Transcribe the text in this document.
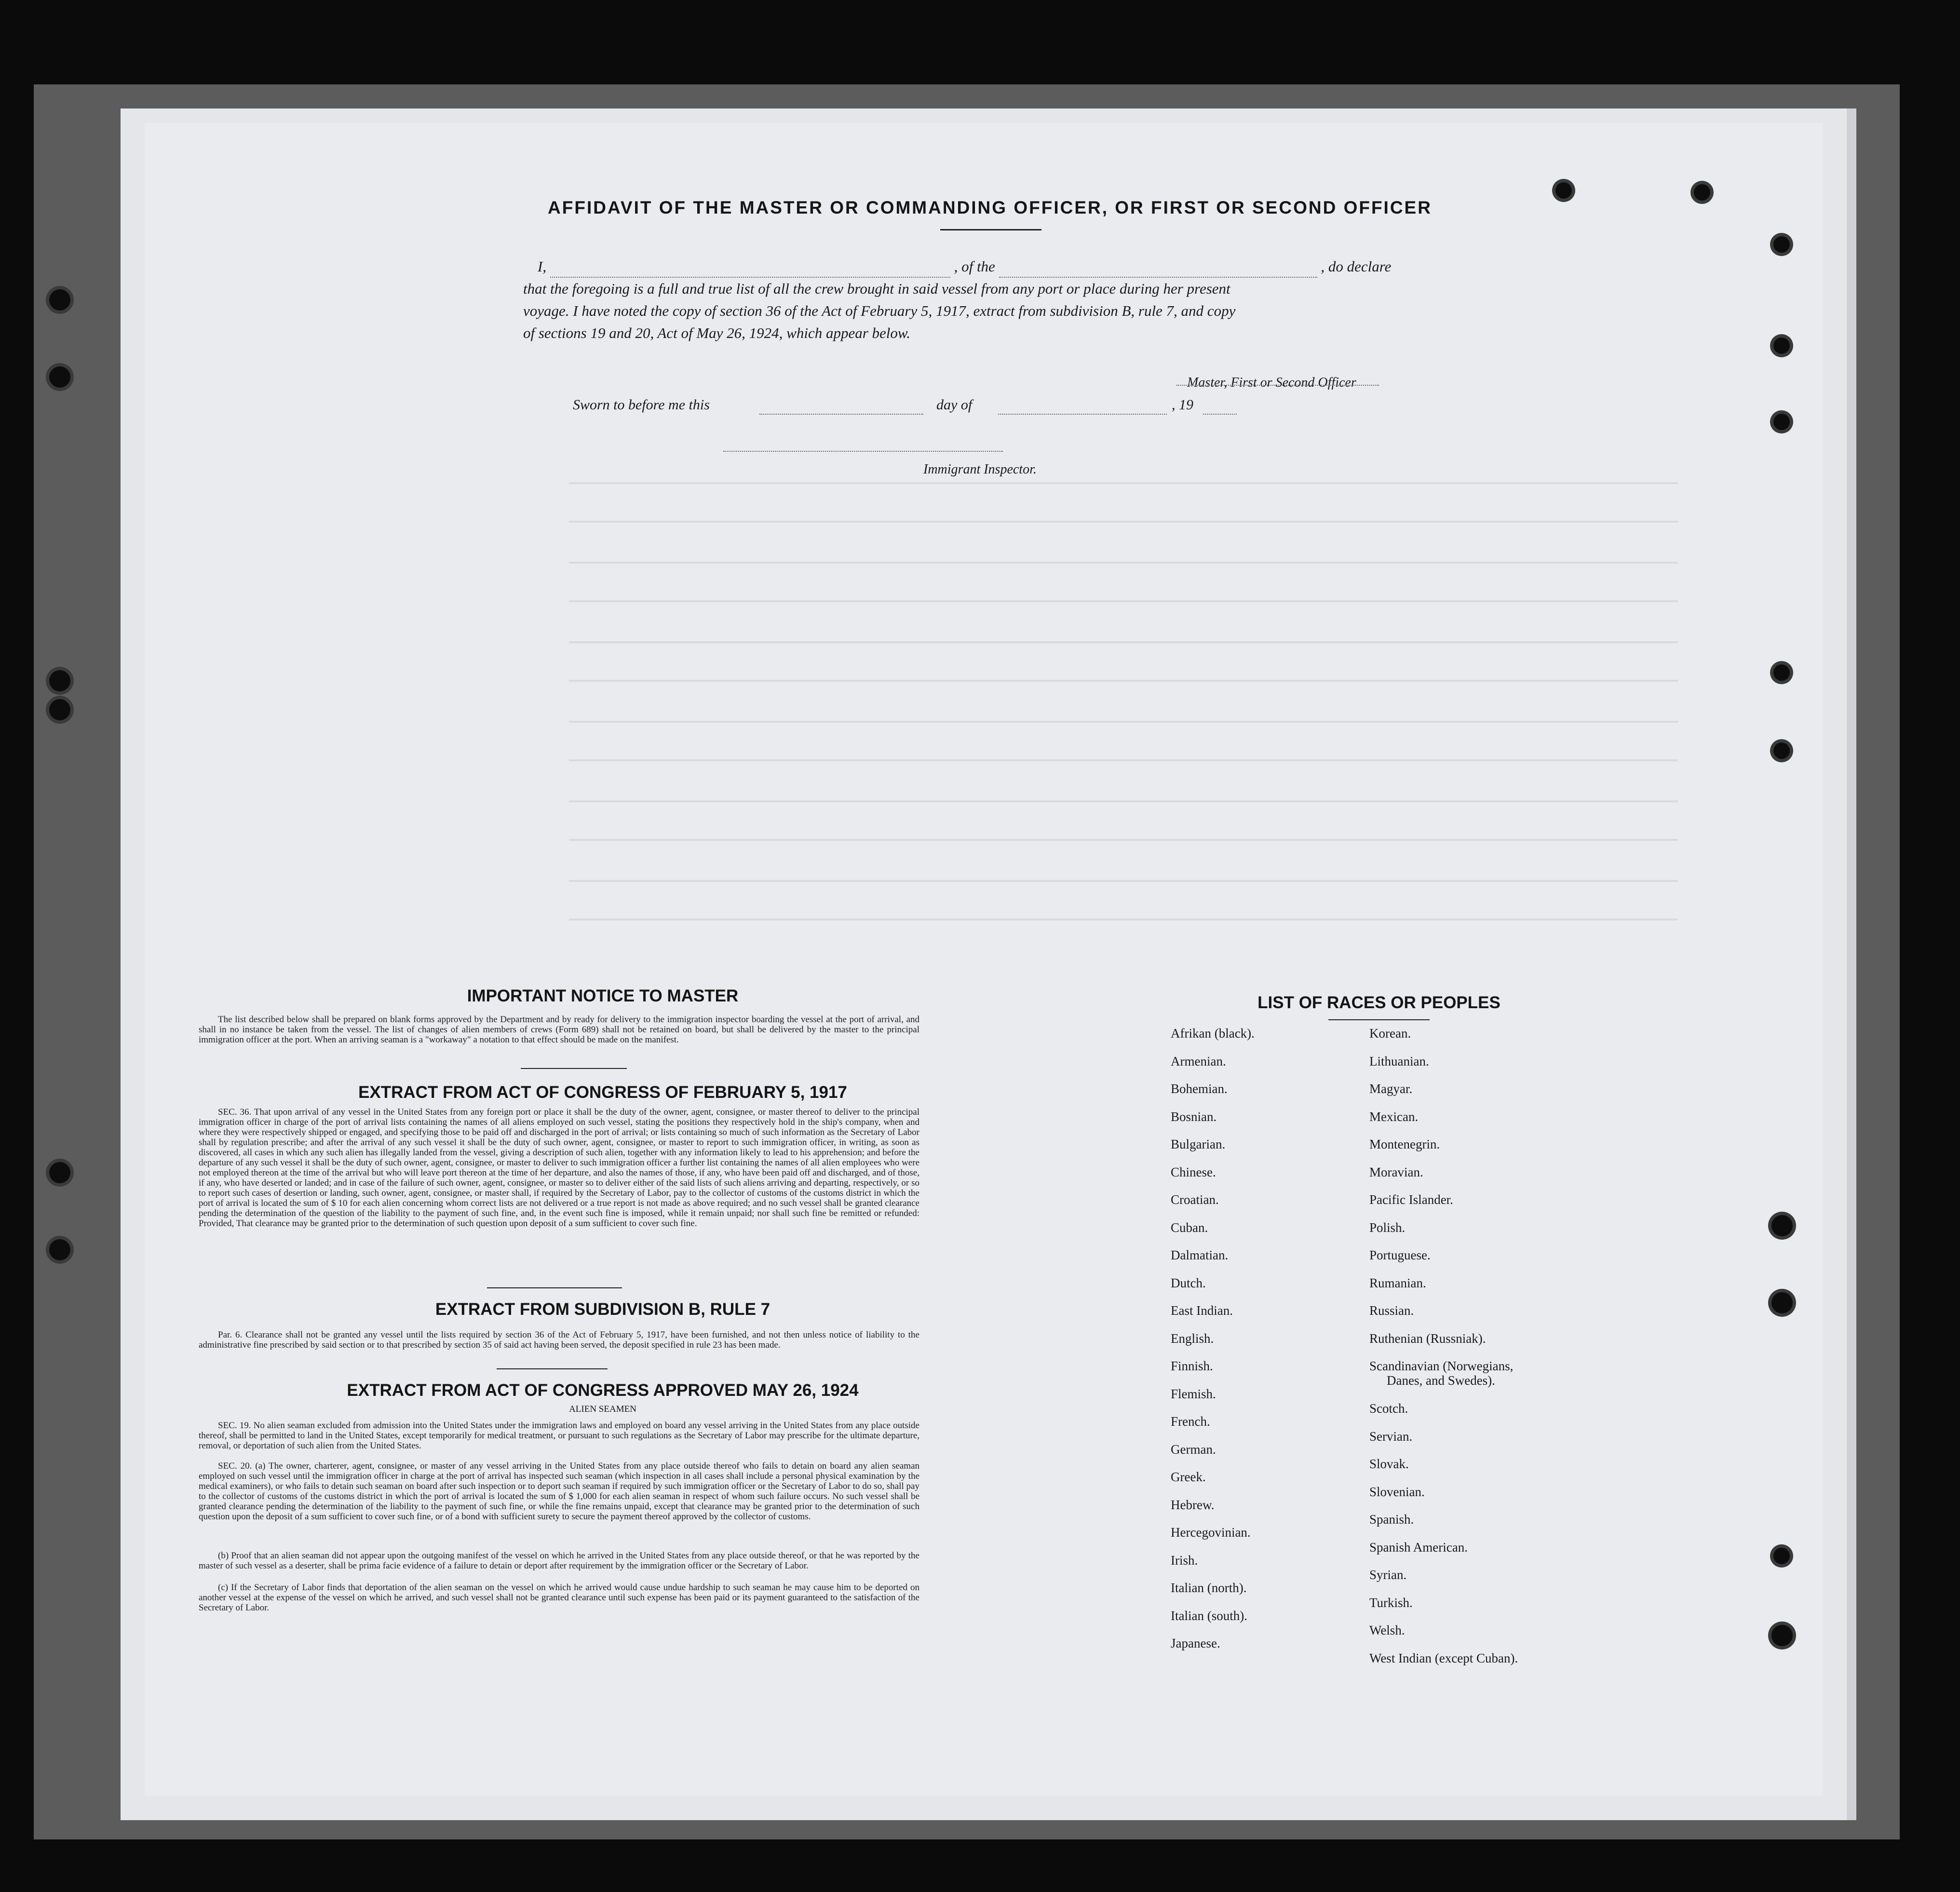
AFFIDAVIT OF THE MASTER OR COMMANDING OFFICER, OR FIRST OR SECOND OFFICER
I,	, of the	, do declare
that the foregoing is a full and true list of all the crew brought in said vessel from any port or place during her present
voyage. I have noted the copy of section 36 of the Act of February 5, 1917, extract from subdivision B, rule 7, and copy
of sections 19 and 20, Act of May 26, 1924, which appear below.
Master, First or Second Officer
Sworn to before me this	day of	, 19
Immigrant Inspector.
IMPORTANT NOTICE TO MASTER

The list described below shall be prepared on blank forms approved by the Department and by ready for delivery to the immigration inspector boarding the vessel at the port of arrival, and shall in no instance be taken from the vessel. The list of changes of alien members of crews (Form 689) shall not be retained on board, but shall be delivered by the master to the principal immigration officer at the port. When an arriving seaman is a "workaway" a notation to that effect should be made on the manifest.

EXTRACT FROM ACT OF CONGRESS OF FEBRUARY 5, 1917

SEC. 36. That upon arrival of any vessel in the United States from any foreign port or place it shall be the duty of the owner, agent, consignee, or master thereof to deliver to the principal immigration officer in charge of the port of arrival lists containing the names of all aliens employed on such vessel, stating the positions they respectively hold in the ship's company, when and where they were respectively shipped or engaged, and specifying those to be paid off and discharged in the port of arrival; or lists containing so much of such information as the Secretary of Labor shall by regulation prescribe; and after the arrival of any such vessel it shall be the duty of such owner, agent, consignee, or master to report to such immigration officer, in writing, as soon as discovered, all cases in which any such alien has illegally landed from the vessel, giving a description of such alien, together with any information likely to lead to his apprehension; and before the departure of any such vessel it shall be the duty of such owner, agent, consignee, or master to deliver to such immigration officer a further list containing the names of all alien employees who were not employed thereon at the time of the arrival but who will leave port thereon at the time of her departure, and also the names of those, if any, who have been paid off and discharged, and of those, if any, who have deserted or landed; and in case of the failure of such owner, agent, consignee, or master so to deliver either of the said lists of such aliens arriving and departing, respectively, or so to report such cases of desertion or landing, such owner, agent, consignee, or master shall, if required by the Secretary of Labor, pay to the collector of customs of the customs district in which the port of arrival is located the sum of $ 10 for each alien concerning whom correct lists are not delivered or a true report is not made as above required; and no such vessel shall be granted clearance pending the determination of the question of the liability to the payment of such fine, and, in the event such fine is imposed, while it remain unpaid; nor shall such fine be remitted or refunded: Provided, That clearance may be granted prior to the determination of such question upon deposit of a sum sufficient to cover such fine.

EXTRACT FROM SUBDIVISION B, RULE 7

Par. 6. Clearance shall not be granted any vessel until the lists required by section 36 of the Act of February 5, 1917, have been furnished, and not then unless notice of liability to the administrative fine prescribed by said section or to that prescribed by section 35 of said act having been served, the deposit specified in rule 23 has been made.

EXTRACT FROM ACT OF CONGRESS APPROVED MAY 26, 1924
ALIEN SEAMEN

SEC. 19. No alien seaman excluded from admission into the United States under the immigration laws and employed on board any vessel arriving in the United States from any place outside thereof, shall be permitted to land in the United States, except temporarily for medical treatment, or pursuant to such regulations as the Secretary of Labor may prescribe for the ultimate departure, removal, or deportation of such alien from the United States.

SEC. 20. (a) The owner, charterer, agent, consignee, or master of any vessel arriving in the United States from any place outside thereof who fails to detain on board any alien seaman employed on such vessel until the immigration officer in charge at the port of arrival has inspected such seaman (which inspection in all cases shall include a personal physical examination by the medical examiners), or who fails to detain such seaman on board after such inspection or to deport such seaman if required by such immigration officer or the Secretary of Labor to do so, shall pay to the collector of customs of the customs district in which the port of arrival is located the sum of $ 1,000 for each alien seaman in respect of whom such failure occurs. No such vessel shall be granted clearance pending the determination of the liability to the payment of such fine, or while the fine remains unpaid, except that clearance may be granted prior to the determination of such question upon the deposit of a sum sufficient to cover such fine, or of a bond with sufficient surety to secure the payment thereof approved by the collector of customs.

(b) Proof that an alien seaman did not appear upon the outgoing manifest of the vessel on which he arrived in the United States from any place outside thereof, or that he was reported by the master of such vessel as a deserter, shall be prima facie evidence of a failure to detain or deport after requirement by the immigration officer or the Secretary of Labor.

(c) If the Secretary of Labor finds that deportation of the alien seaman on the vessel on which he arrived would cause undue hardship to such seaman he may cause him to be deported on another vessel at the expense of the vessel on which he arrived, and such vessel shall not be granted clearance until such expense has been paid or its payment guaranteed to the satisfaction of the Secretary of Labor.

LIST OF RACES OR PEOPLES
Afrikan (black).
Armenian.
Bohemian.
Bosnian.
Bulgarian.
Chinese.
Croatian.
Cuban.
Dalmatian.
Dutch.
East Indian.
English.
Finnish.
Flemish.
French.
German.
Greek.
Hebrew.
Hercegovinian.
Irish.
Italian (north).
Italian (south).
Japanese.
Korean.
Lithuanian.
Magyar.
Mexican.
Montenegrin.
Moravian.
Pacific Islander.
Polish.
Portuguese.
Rumanian.
Russian.
Ruthenian (Russniak).
Scandinavian (Norwegians,
Danes, and Swedes).
Scotch.
Servian.
Slovak.
Slovenian.
Spanish.
Spanish American.
Syrian.
Turkish.
Welsh.
West Indian (except Cuban).
